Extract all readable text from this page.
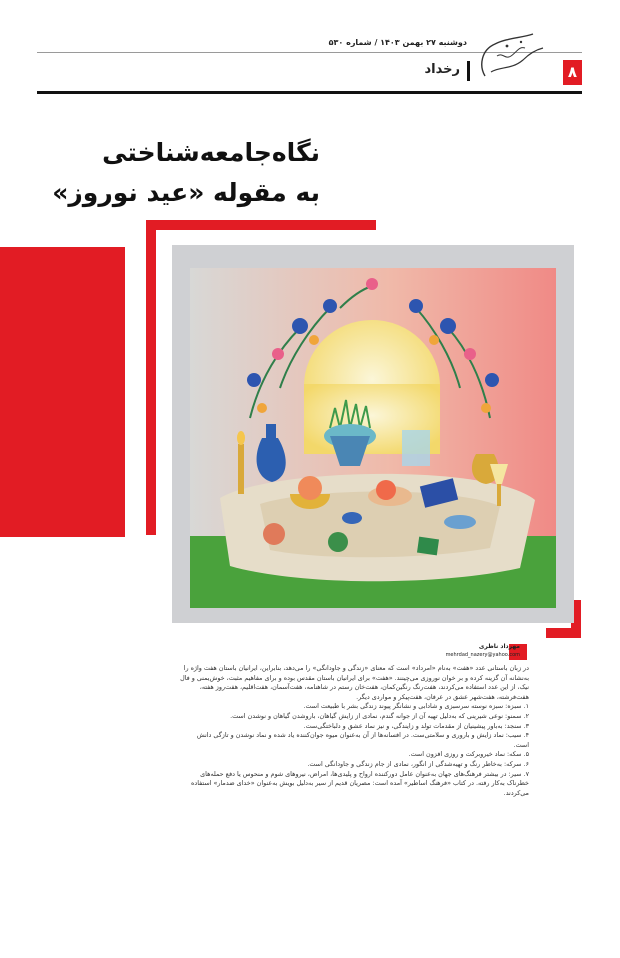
دوشنبه ۲۷ بهمن ۱۴۰۳ / شماره ۵۳۰
رخداد	۸
نگاه‌جامعه‌شناختی
به مقوله «عید نوروز»
مهرداد ناظری
mehrdad_nazery@yahoo.com

در زبان باستانی عدد «هفت» به‌نام «امرداد» است که معنای «زندگی و جاودانگی» را می‌دهد، بنابراین، ایرانیان باستان هفت واژه را به‌نشانه آن گزینه کرده و بر خوان نوروزی می‌چینند. «هفت» برای ایرانیان باستان مقدس بوده و برای مفاهیم مثبت، خوش‌یمنی و فال نیک، از این عدد استفاده می‌کردند، هفت‌رنگ رنگین‌کمان، هفت‌خان رستم در شاهنامه، هفت‌آسمان، هفت‌اقلیم، هفت‌روز هفته، هفت‌فرشته، هفت‌شهر عشق در عرفان، هفت‌پیکر و مواردی دیگر.

۱. سبزه: سبزه نوسته سرسبزی و شادابی و نشانگر پیوند زندگی بشر با طبیعت است.

۲. سمنو: نوعی شیرینی که به‌دلیل تهیه آن از جوانه گندم، نمادی از زایش گیاهان، باروشدن گیاهان و نوشدن است.

۳. سنجد: به‌باور پیشینیان از مقدمات تولد و زایندگی، و نیز نماد عشق و دلباختگی‌ست.

۴. سیب: نماد زایش و باروری و سلامتی‌ست. در افسانه‌ها از آن به‌عنوان میوه جوان‌کننده یاد شده و نماد نوشدن و تازگی دانش است.

۵. سکه: نماد خیروبرکت و روزی افزون است.

۶. سرکه: به‌خاطر رنگ و تهیه‌شدگی از انگور، نمادی از جام زندگی و جاودانگی است.

۷. سیر: در بیشتر فرهنگ‌های جهان به‌عنوان عامل دورکننده ارواح و پلیدی‌ها، امراض، نیروهای شوم و منحوس یا دفع حمله‌های خطرناک به‌کار رفته. در کتاب «فرهنگ اساطیر» آمده است: مصریان قدیم از سیر به‌دلیل بویش به‌عنوان «خدای ضدمار» استفاده می‌کردند.
